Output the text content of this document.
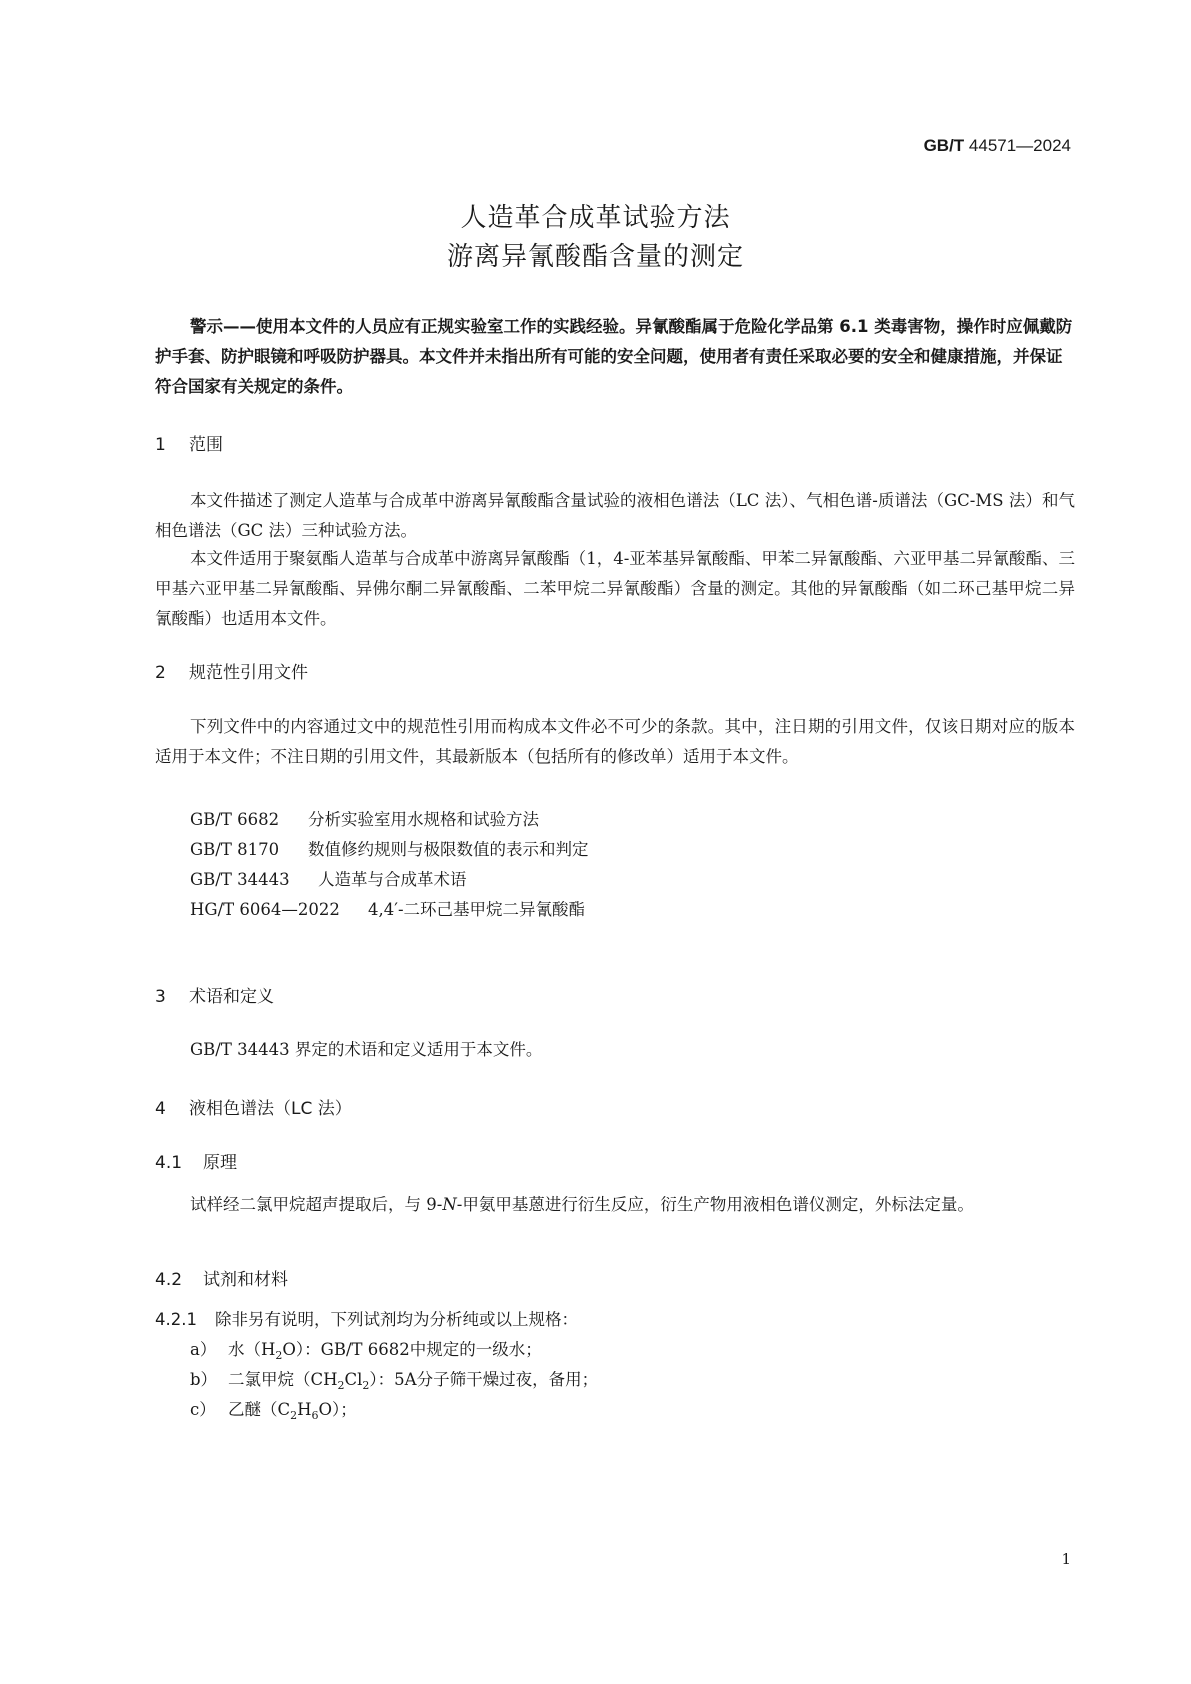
GB/T 44571—2024
人造革合成革试验方法
游离异氰酸酯含量的测定
警示——使用本文件的人员应有正规实验室工作的实践经验。异氰酸酯属于危险化学品第 6.1 类毒害物，操作时应佩戴防护手套、防护眼镜和呼吸防护器具。本文件并未指出所有可能的安全问题，使用者有责任采取必要的安全和健康措施，并保证符合国家有关规定的条件。
1 范围
本文件描述了测定人造革与合成革中游离异氰酸酯含量试验的液相色谱法（LC 法）、气相色谱-质谱法（GC-MS 法）和气相色谱法（GC 法）三种试验方法。
本文件适用于聚氨酯人造革与合成革中游离异氰酸酯（1，4-亚苯基异氰酸酯、甲苯二异氰酸酯、六亚甲基二异氰酸酯、三甲基六亚甲基二异氰酸酯、异佛尔酮二异氰酸酯、二苯甲烷二异氰酸酯）含量的测定。其他的异氰酸酯（如二环己基甲烷二异氰酸酯）也适用本文件。
2 规范性引用文件
下列文件中的内容通过文中的规范性引用而构成本文件必不可少的条款。其中，注日期的引用文件，仅该日期对应的版本适用于本文件；不注日期的引用文件，其最新版本（包括所有的修改单）适用于本文件。
GB/T 6682 分析实验室用水规格和试验方法
GB/T 8170 数值修约规则与极限数值的表示和判定
GB/T 34443 人造革与合成革术语
HG/T 6064—2022 4,4′-二环己基甲烷二异氰酸酯
3 术语和定义
GB/T 34443 界定的术语和定义适用于本文件。
4 液相色谱法（LC 法）
4.1 原理
试样经二氯甲烷超声提取后，与 9-N-甲氨甲基蒽进行衍生反应，衍生产物用液相色谱仪测定，外标法定量。
4.2 试剂和材料
4.2.1 除非另有说明，下列试剂均为分析纯或以上规格：
a） 水$(H_2O)$：GB/T 6682中规定的一级水；
b） 二氯甲烷$(CH_2Cl_2)$：5A分子筛干燥过夜，备用；
c） 乙醚$(C_2H_6O)$；
1
